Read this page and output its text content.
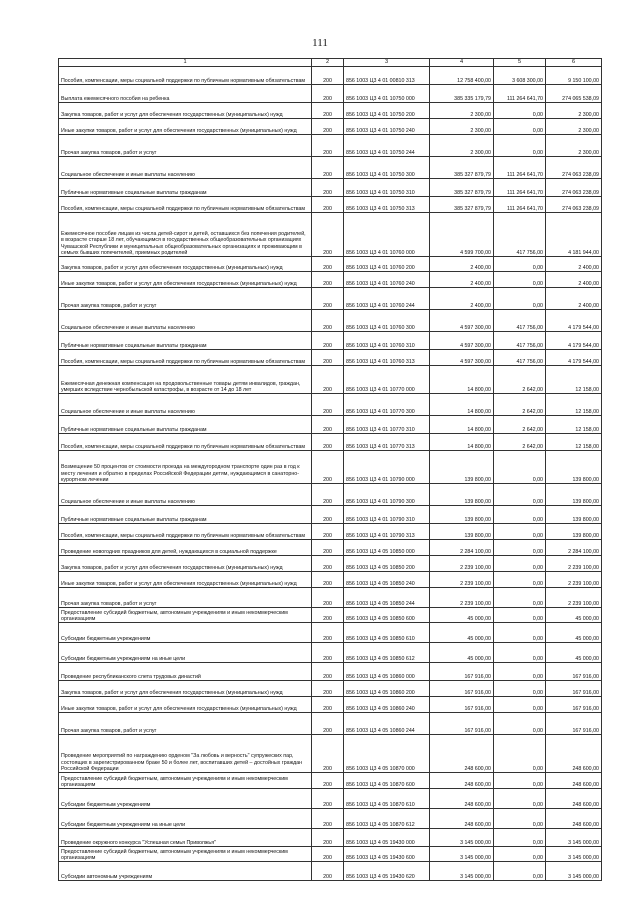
111
1	2	3	4	5	6
Пособия, компенсации, меры социальной поддержки по публичным нормативным обязательствам	200	856 1003 Ц3 4 01 00810 313	12 758 400,00	3 608 300,00	9 150 100,00
Выплата ежемесячного пособия на ребенка	200	856 1003 Ц3 4 01 10750 000	385 335 179,79	111 264 641,70	274 065 538,09
Закупка товаров, работ и услуг для обеспечения государственных (муниципальных) нужд	200	856 1003 Ц3 4 01 10750 200	2 300,00	0,00	2 300,00
Иные закупки товаров, работ и услуг для обеспечения государственных (муниципальных) нужд	200	856 1003 Ц3 4 01 10750 240	2 300,00	0,00	2 300,00
Прочая закупка товаров, работ и услуг	200	856 1003 Ц3 4 01 10750 244	2 300,00	0,00	2 300,00
Социальное обеспечение и иные выплаты населению	200	856 1003 Ц3 4 01 10750 300	385 327 879,79	111 264 641,70	274 063 238,09
Публичные нормативные социальные выплаты гражданам	200	856 1003 Ц3 4 01 10750 310	385 327 879,79	111 264 641,70	274 063 238,09
Пособия, компенсации, меры социальной поддержки по публичным нормативным обязательствам	200	856 1003 Ц3 4 01 10750 313	385 327 879,79	111 264 641,70	274 063 238,09
Ежемесячное пособие лицам из числа детей-сирот и детей, оставшихся без попечения родителей, в возрасте старше 18 лет, обучающимся в государственных общеобразовательных организациях Чувашской Республики и муниципальных общеобразовательных организациях и проживающим в семьях бывших попечителей, приемных родителей	200	856 1003 Ц3 4 01 10760 000	4 599 700,00	417 756,00	4 181 944,00
Закупка товаров, работ и услуг для обеспечения государственных (муниципальных) нужд	200	856 1003 Ц3 4 01 10760 200	2 400,00	0,00	2 400,00
Иные закупки товаров, работ и услуг для обеспечения государственных (муниципальных) нужд	200	856 1003 Ц3 4 01 10760 240	2 400,00	0,00	2 400,00
Прочая закупка товаров, работ и услуг	200	856 1003 Ц3 4 01 10760 244	2 400,00	0,00	2 400,00
Социальное обеспечение и иные выплаты населению	200	856 1003 Ц3 4 01 10760 300	4 597 300,00	417 756,00	4 179 544,00
Публичные нормативные социальные выплаты гражданам	200	856 1003 Ц3 4 01 10760 310	4 597 300,00	417 756,00	4 179 544,00
Пособия, компенсации, меры социальной поддержки по публичным нормативным обязательствам	200	856 1003 Ц3 4 01 10760 313	4 597 300,00	417 756,00	4 179 544,00
Ежемесячная денежная компенсация на продовольственные товары детям инвалидов, граждан, умерших вследствие чернобыльской катастрофы, в возрасте от 14 до 18 лет	200	856 1003 Ц3 4 01 10770 000	14 800,00	2 642,00	12 158,00
Социальное обеспечение и иные выплаты населению	200	856 1003 Ц3 4 01 10770 300	14 800,00	2 642,00	12 158,00
Публичные нормативные социальные выплаты гражданам	200	856 1003 Ц3 4 01 10770 310	14 800,00	2 642,00	12 158,00
Пособия, компенсации, меры социальной поддержки по публичным нормативным обязательствам	200	856 1003 Ц3 4 01 10770 313	14 800,00	2 642,00	12 158,00
Возмещение 50 процентов от стоимости проезда на междугородном транспорте один раз в год к месту лечения и обратно в пределах Российской Федерации детям, нуждающимся в санаторно-курортном лечении	200	856 1003 Ц3 4 01 10790 000	139 800,00	0,00	139 800,00
Социальное обеспечение и иные выплаты населению	200	856 1003 Ц3 4 01 10790 300	139 800,00	0,00	139 800,00
Публичные нормативные социальные выплаты гражданам	200	856 1003 Ц3 4 01 10790 310	139 800,00	0,00	139 800,00
Пособия, компенсации, меры социальной поддержки по публичным нормативным обязательствам	200	856 1003 Ц3 4 01 10790 313	139 800,00	0,00	139 800,00
Проведение новогодних праздников для детей, нуждающихся в социальной поддержке	200	856 1003 Ц3 4 05 10850 000	2 284 100,00	0,00	2 284 100,00
Закупка товаров, работ и услуг для обеспечения государственных (муниципальных) нужд	200	856 1003 Ц3 4 05 10850 200	2 239 100,00	0,00	2 239 100,00
Иные закупки товаров, работ и услуг для обеспечения государственных (муниципальных) нужд	200	856 1003 Ц3 4 05 10850 240	2 239 100,00	0,00	2 239 100,00
Прочая закупка товаров, работ и услуг	200	856 1003 Ц3 4 05 10850 244	2 239 100,00	0,00	2 239 100,00
Предоставление субсидий бюджетным, автономным учреждениям и иным некоммерческим организациям	200	856 1003 Ц3 4 05 10850 600	45 000,00	0,00	45 000,00
Субсидии бюджетным учреждениям	200	856 1003 Ц3 4 05 10850 610	45 000,00	0,00	45 000,00
Субсидии бюджетным учреждениям на иные цели	200	856 1003 Ц3 4 05 10850 612	45 000,00	0,00	45 000,00
Проведение республиканского слета трудовых династий	200	856 1003 Ц3 4 05 10860 000	167 916,00	0,00	167 916,00
Закупка товаров, работ и услуг для обеспечения государственных (муниципальных) нужд	200	856 1003 Ц3 4 05 10860 200	167 916,00	0,00	167 916,00
Иные закупки товаров, работ и услуг для обеспечения государственных (муниципальных) нужд	200	856 1003 Ц3 4 05 10860 240	167 916,00	0,00	167 916,00
Прочая закупка товаров, работ и услуг	200	856 1003 Ц3 4 05 10860 244	167 916,00	0,00	167 916,00
Проведение мероприятий по награждению орденом "За любовь и верность" супружеских пар, состоящих в зарегистрированном браке 50 и более лет, воспитавших детей – достойных граждан Российской Федерации	200	856 1003 Ц3 4 05 10870 000	248 600,00	0,00	248 600,00
Предоставление субсидий бюджетным, автономным учреждениям и иным некоммерческим организациям	200	856 1003 Ц3 4 05 10870 600	248 600,00	0,00	248 600,00
Субсидии бюджетным учреждениям	200	856 1003 Ц3 4 05 10870 610	248 600,00	0,00	248 600,00
Субсидии бюджетным учреждениям на иные цели	200	856 1003 Ц3 4 05 10870 612	248 600,00	0,00	248 600,00
Проведение окружного конкурса "Успешная семья Приволжья"	200	856 1003 Ц3 4 05 19430 000	3 145 000,00	0,00	3 145 000,00
Предоставление субсидий бюджетным, автономным учреждениям и иным некоммерческим организациям	200	856 1003 Ц3 4 05 19430 600	3 145 000,00	0,00	3 145 000,00
Субсидии автономным учреждениям	200	856 1003 Ц3 4 05 19430 620	3 145 000,00	0,00	3 145 000,00
